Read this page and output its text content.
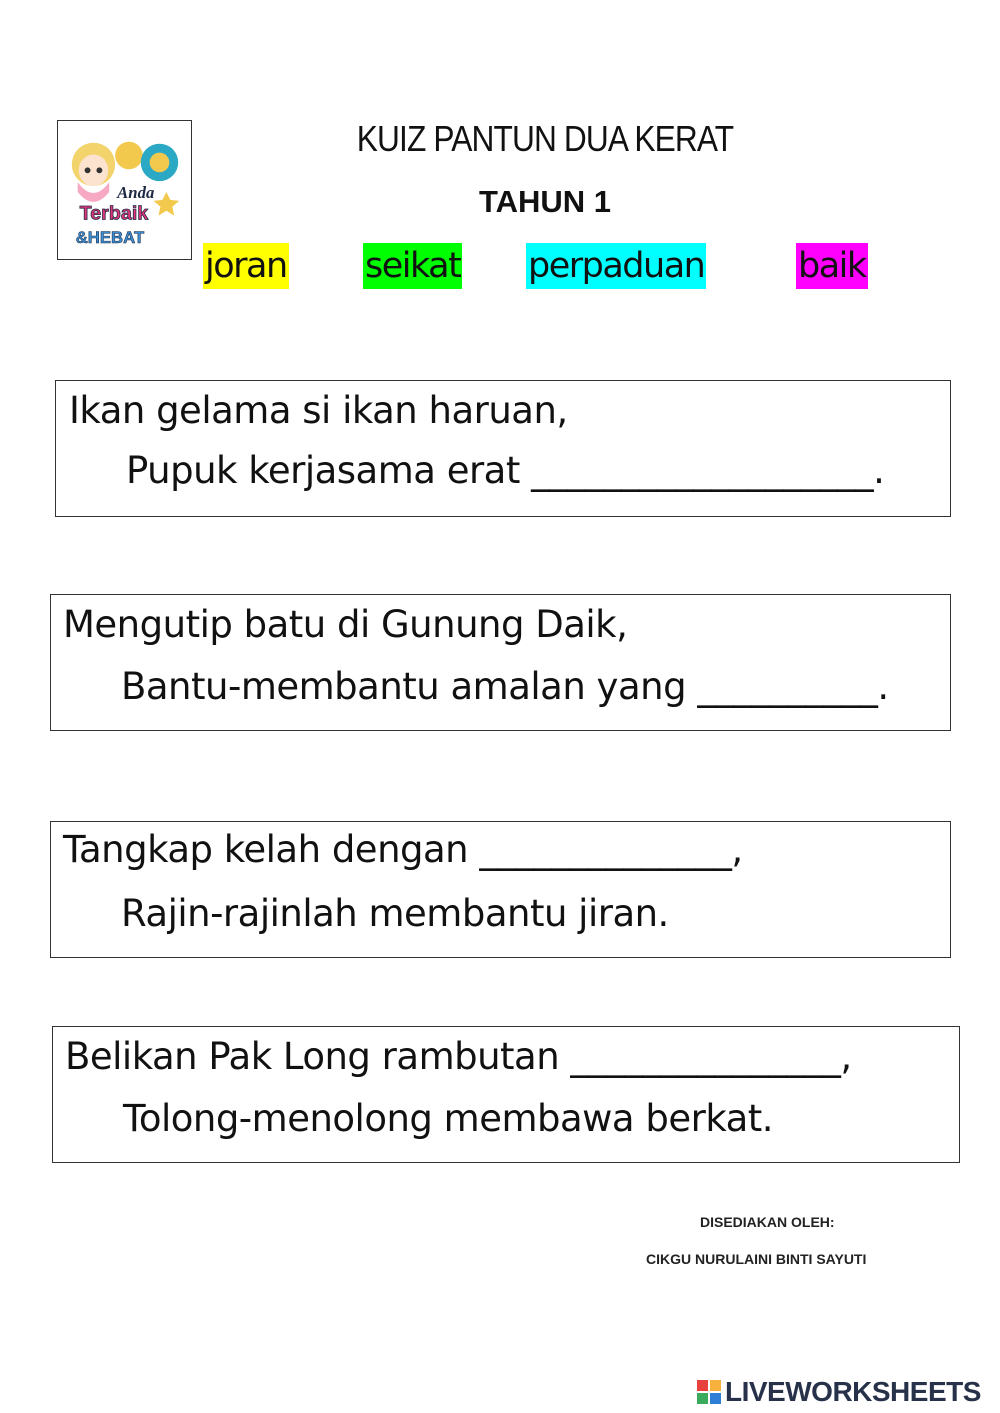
Anda
Terbaik
&HEBAT
KUIZ PANTUN DUA KERAT
TAHUN 1
joran seikat perpaduan	baik
Ikan gelama si ikan haruan,
Pupuk kerjasama erat ___________________.
Mengutip batu di Gunung Daik,
Bantu-membantu amalan yang __________.
Tangkap kelah dengan ______________,
Rajin-rajinlah membantu jiran.
Belikan Pak Long rambutan _______________,
Tolong-menolong membawa berkat.
DISEDIAKAN OLEH:
CIKGU NURULAINI BINTI SAYUTI
LIVEWORKSHEETS
